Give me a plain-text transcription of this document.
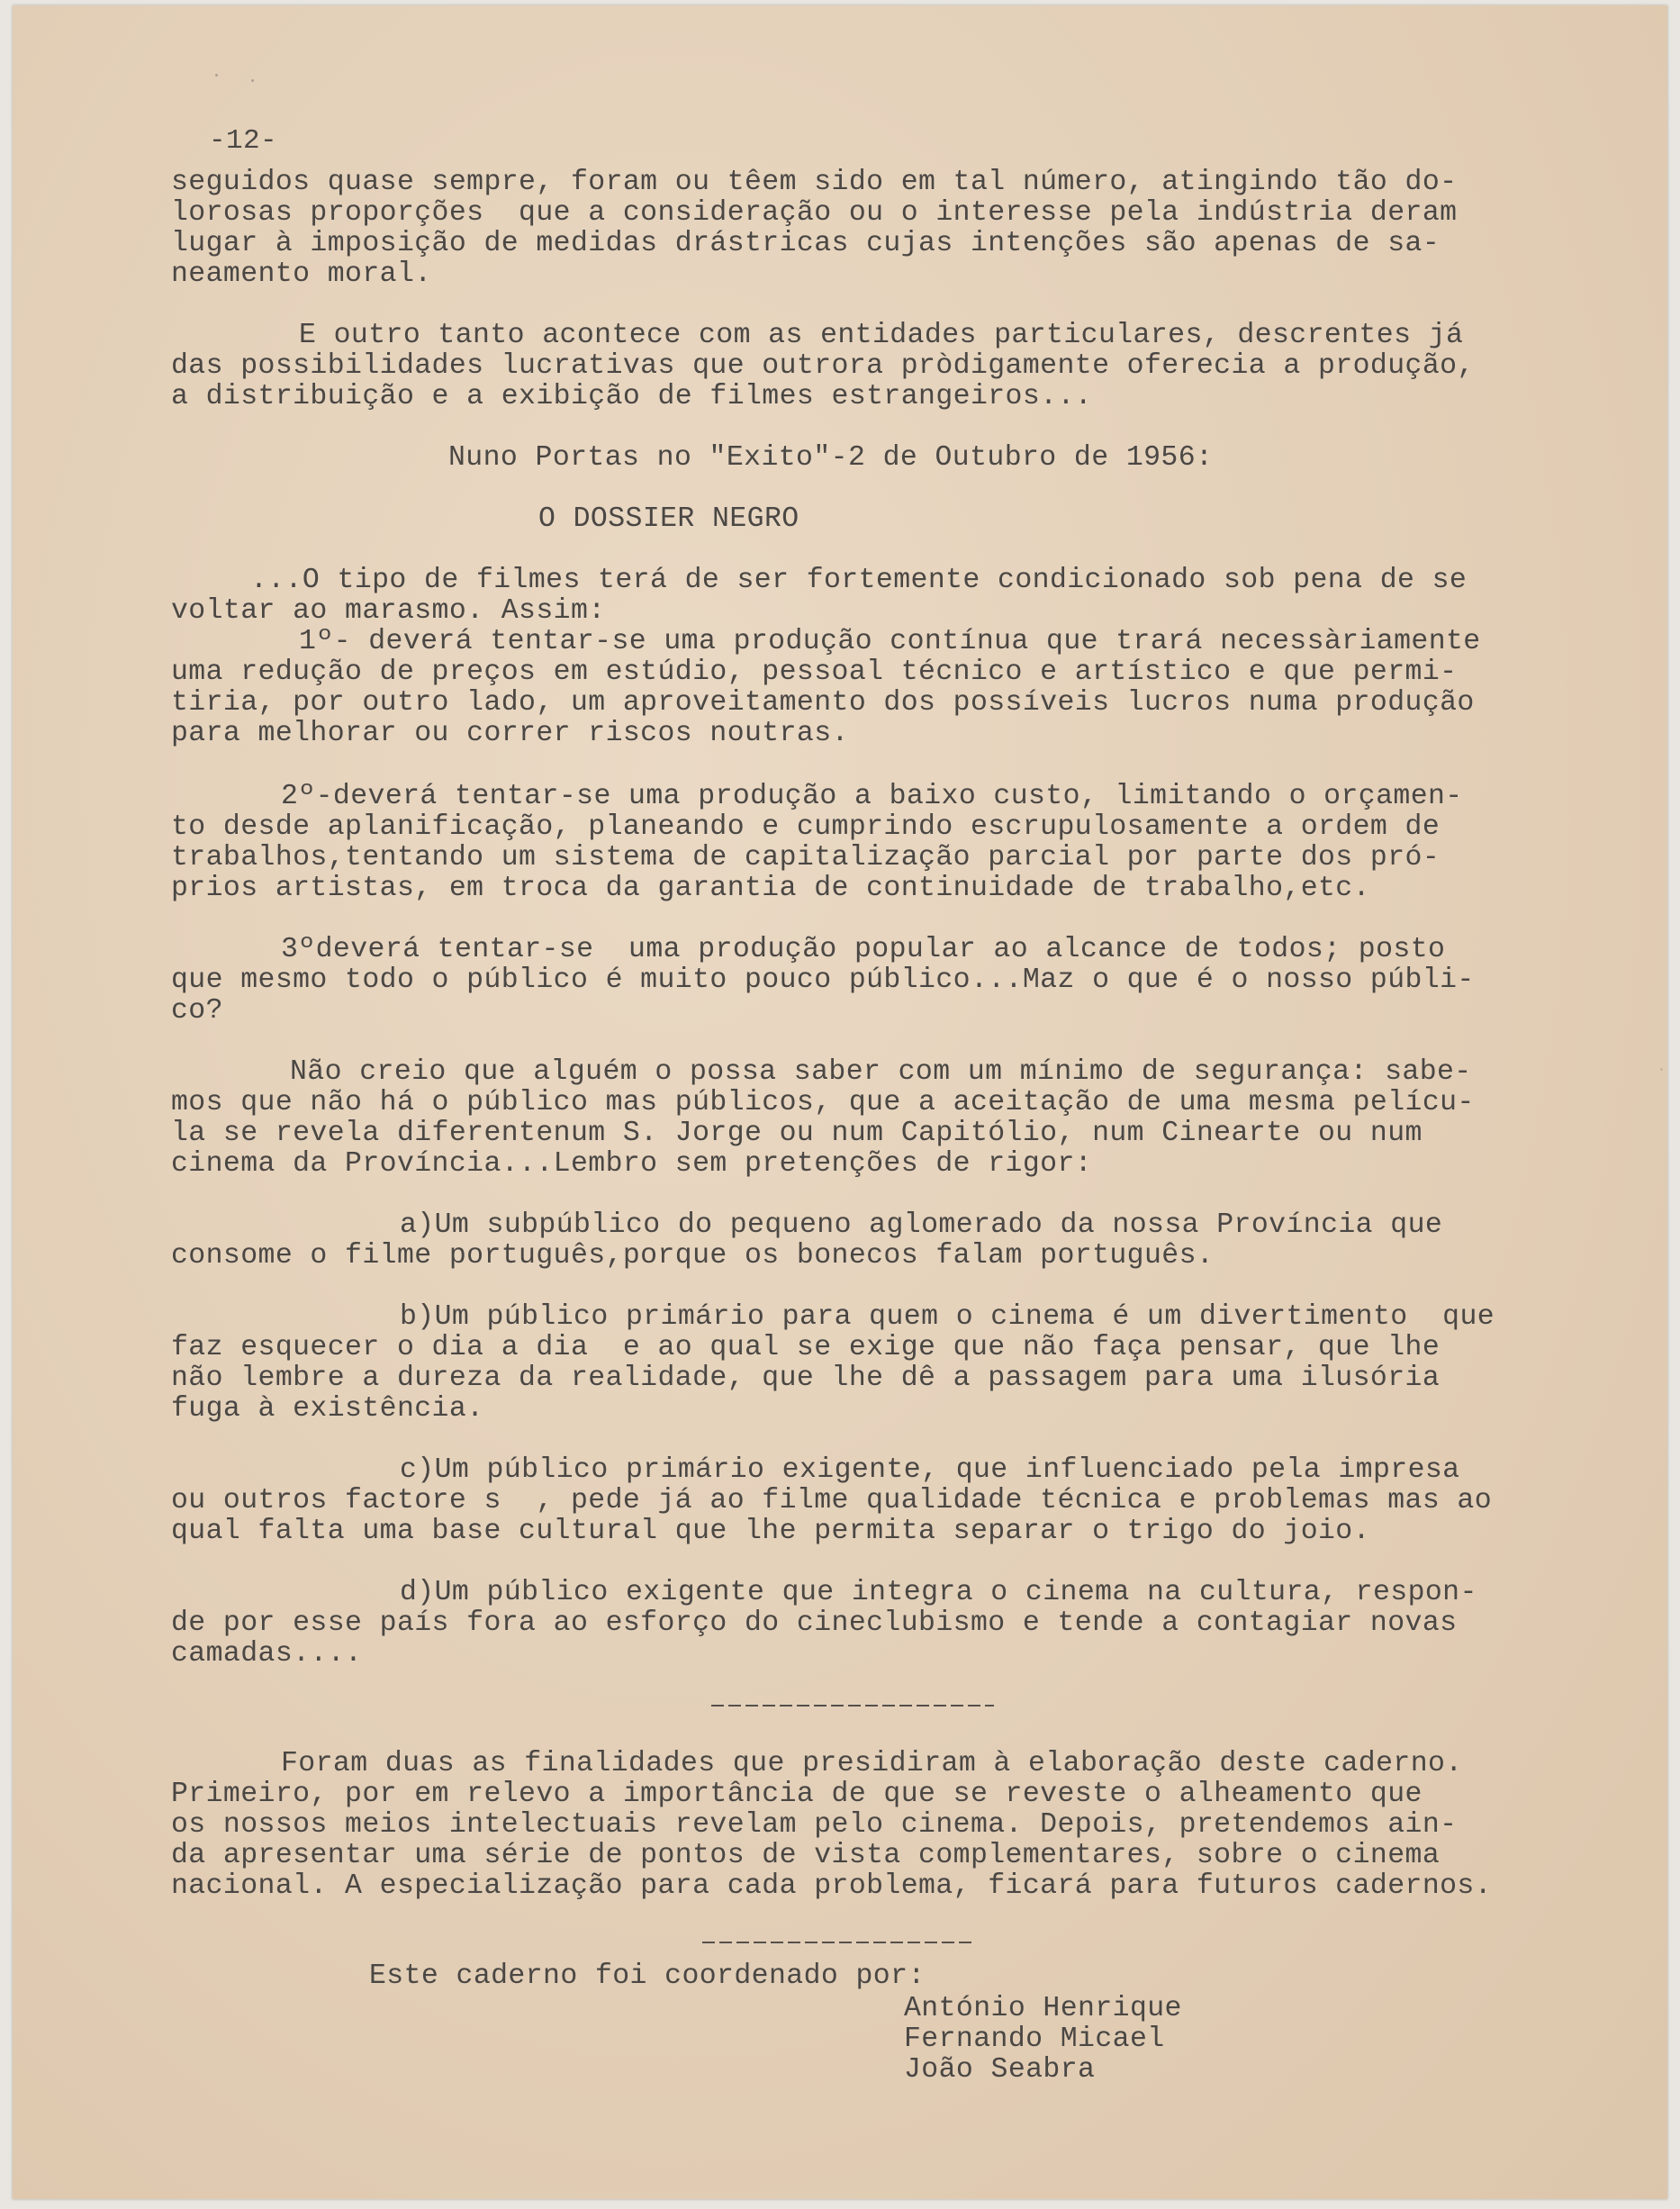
-12-
seguidos quase sempre, foram ou têem sido em tal número, atingindo tão do-
lorosas proporções  que a consideração ou o interesse pela indústria deram
lugar à imposição de medidas drástricas cujas intenções são apenas de sa-
neamento moral.
E outro tanto acontece com as entidades particulares, descrentes já
das possibilidades lucrativas que outrora pròdigamente oferecia a produção,
a distribuição e a exibição de filmes estrangeiros...
Nuno Portas no "Exito"-2 de Outubro de 1956:
O DOSSIER NEGRO
...O tipo de filmes terá de ser fortemente condicionado sob pena de se
voltar ao marasmo. Assim:
1º- deverá tentar-se uma produção contínua que trará necessàriamente
uma redução de preços em estúdio, pessoal técnico e artístico e que permi-
tiria, por outro lado, um aproveitamento dos possíveis lucros numa produção
para melhorar ou correr riscos noutras.
2º-deverá tentar-se uma produção a baixo custo, limitando o orçamen-
to desde aplanificação, planeando e cumprindo escrupulosamente a ordem de
trabalhos,tentando um sistema de capitalização parcial por parte dos pró-
prios artistas, em troca da garantia de continuidade de trabalho,etc.
3ºdeverá tentar-se  uma produção popular ao alcance de todos; posto
que mesmo todo o público é muito pouco público...Maz o que é o nosso públi-
co?
Não creio que alguém o possa saber com um mínimo de segurança: sabe-
mos que não há o público mas públicos, que a aceitação de uma mesma pelícu-
la se revela diferentenum S. Jorge ou num Capitólio, num Cinearte ou num
cinema da Província...Lembro sem pretenções de rigor:
a)Um subpúblico do pequeno aglomerado da nossa Província que
consome o filme português,porque os bonecos falam português.
b)Um público primário para quem o cinema é um divertimento  que
faz esquecer o dia a dia  e ao qual se exige que não faça pensar, que lhe
não lembre a dureza da realidade, que lhe dê a passagem para uma ilusória
fuga à existência.
c)Um público primário exigente, que influenciado pela impresa
ou outros factore s  , pede já ao filme qualidade técnica e problemas mas ao
qual falta uma base cultural que lhe permita separar o trigo do joio.
d)Um público exigente que integra o cinema na cultura, respon-
de por esse país fora ao esforço do cineclubismo e tende a contagiar novas
camadas....
Foram duas as finalidades que presidiram à elaboração deste caderno.
Primeiro, por em relevo a importância de que se reveste o alheamento que
os nossos meios intelectuais revelam pelo cinema. Depois, pretendemos ain-
da apresentar uma série de pontos de vista complementares, sobre o cinema
nacional. A especialização para cada problema, ficará para futuros cadernos.
Este caderno foi coordenado por:
António Henrique
Fernando Micael
João Seabra
